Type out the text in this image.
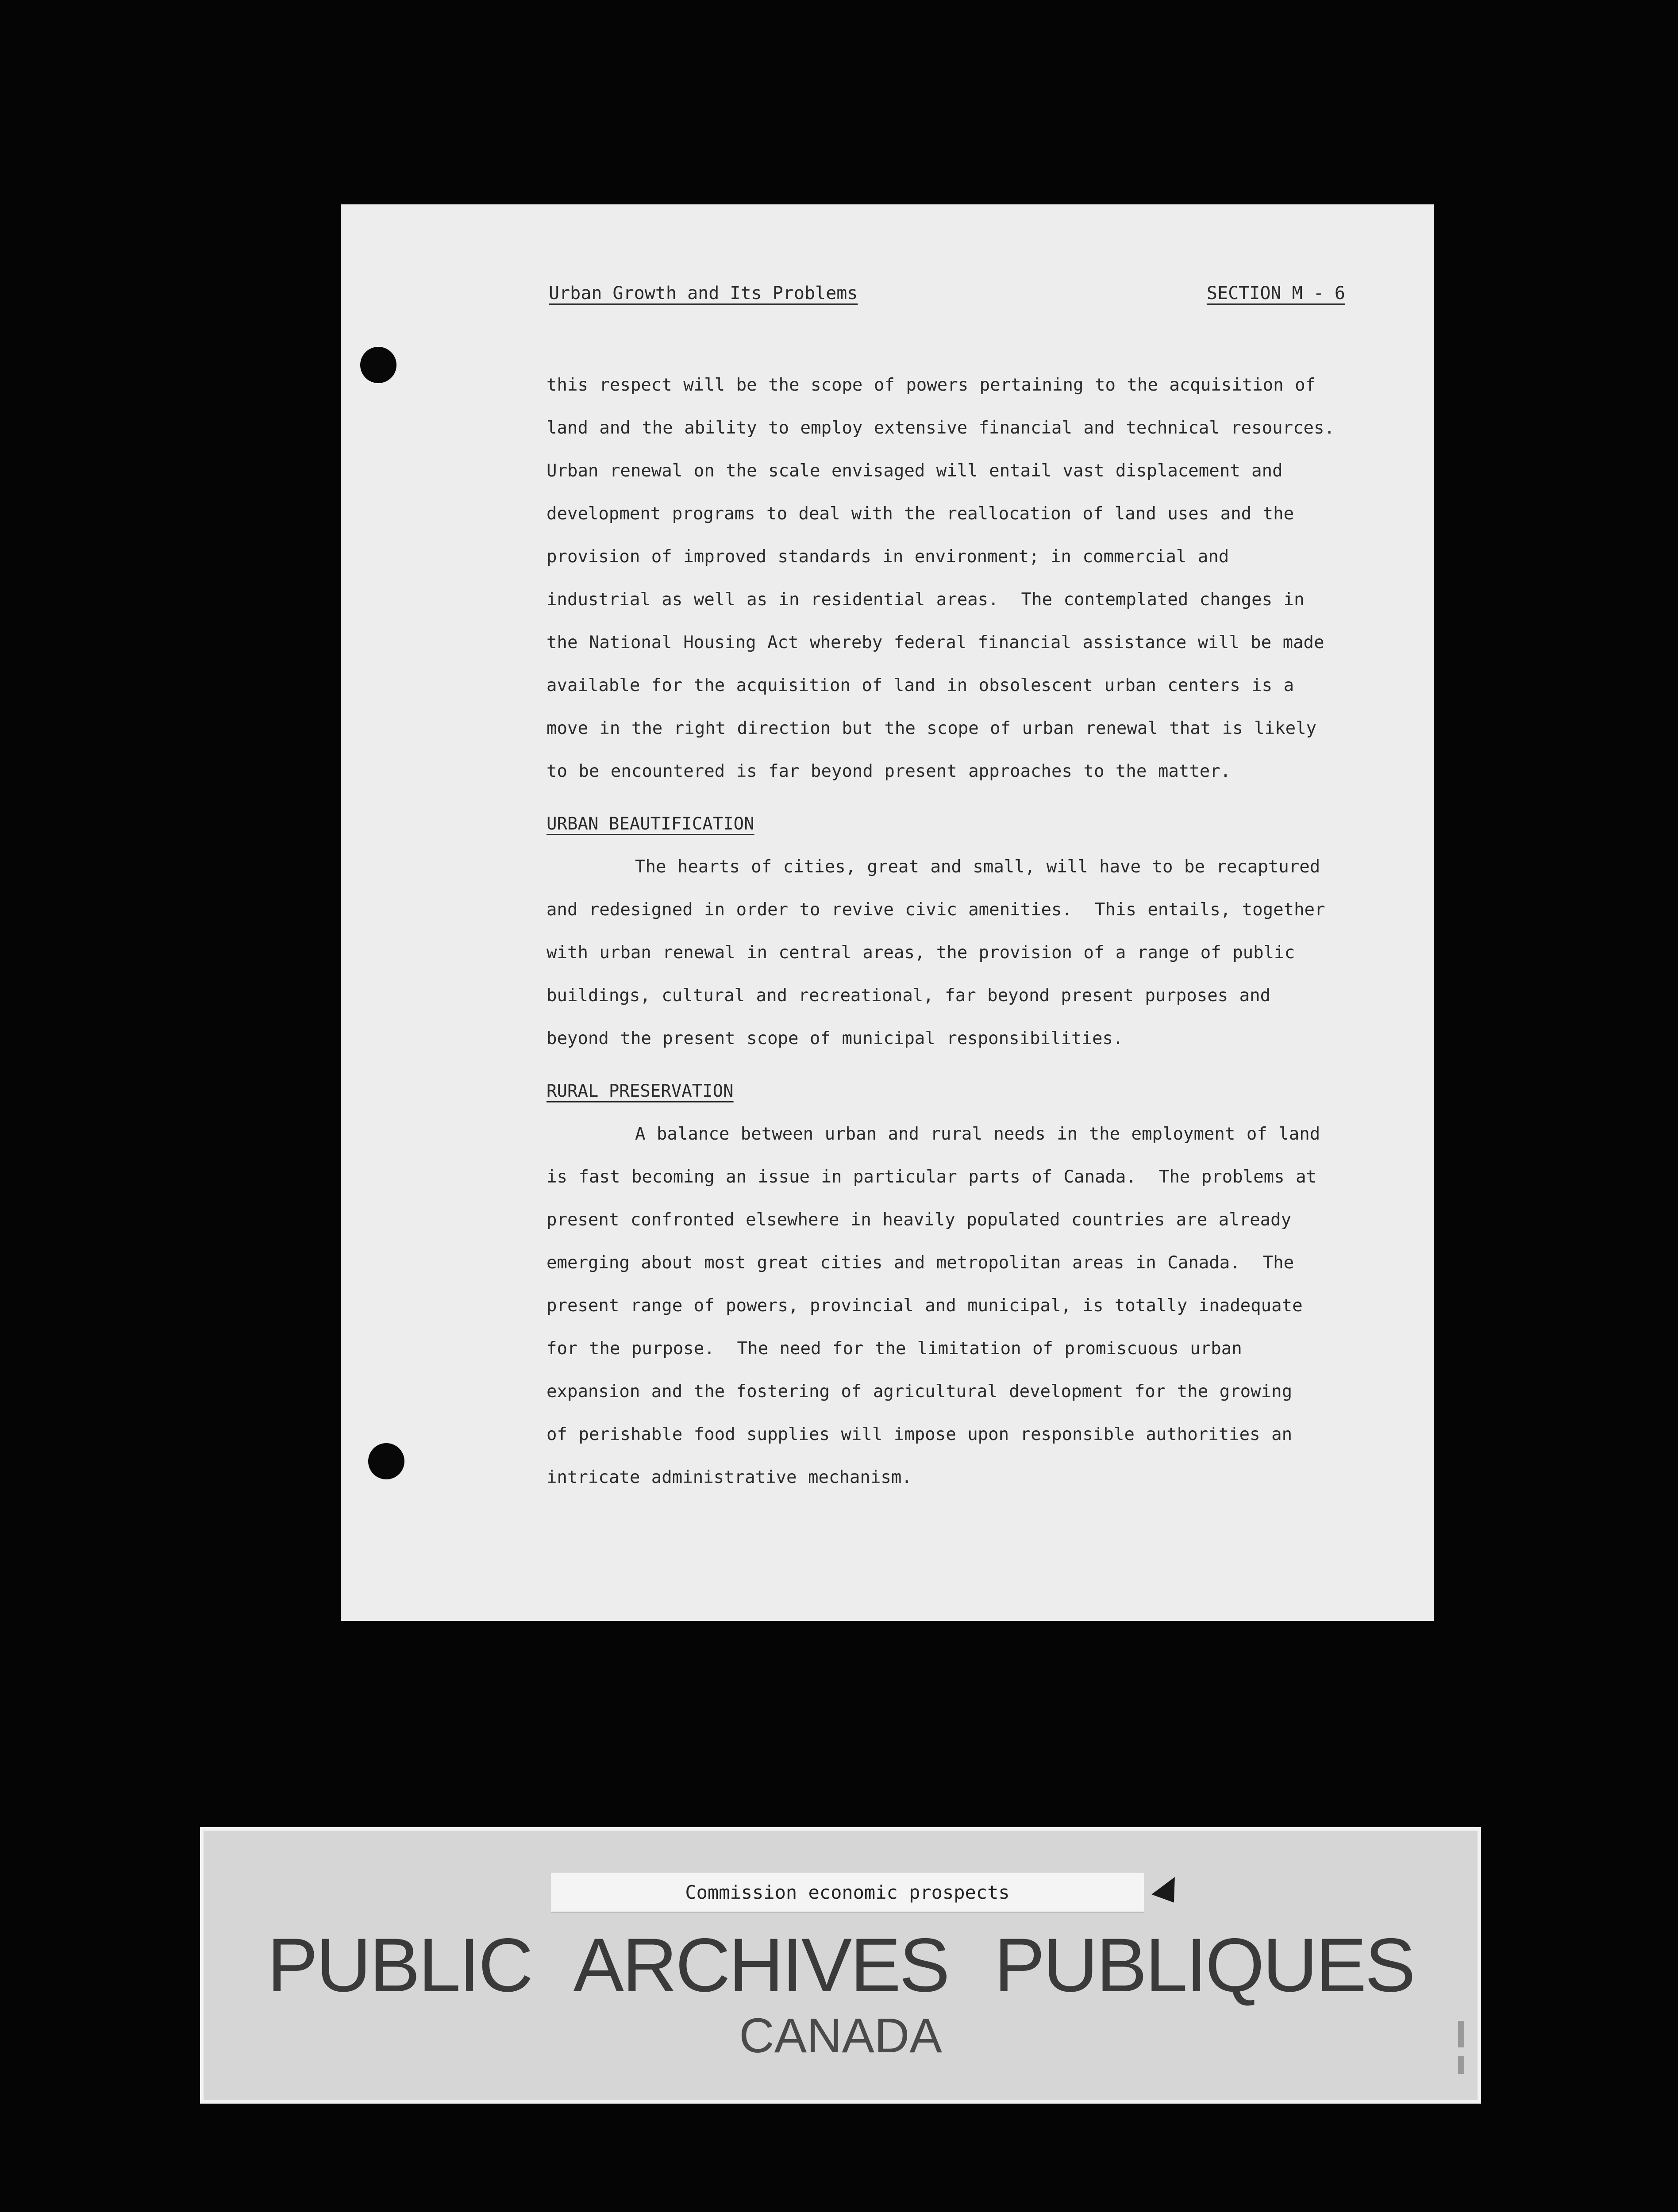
Urban Growth and Its Problems	SECTION M - 6

this respect will be the scope of powers pertaining to the acquisition of

land and the ability to employ extensive financial and technical resources.

Urban renewal on the scale envisaged will entail vast displacement and

development programs to deal with the reallocation of land uses and the

provision of improved standards in environment; in commercial and

industrial as well as in residential areas.  The contemplated changes in

the National Housing Act whereby federal financial assistance will be made

available for the acquisition of land in obsolescent urban centers is a

move in the right direction but the scope of urban renewal that is likely

to be encountered is far beyond present approaches to the matter.

URBAN BEAUTIFICATION

The hearts of cities, great and small, will have to be recaptured

and redesigned in order to revive civic amenities.  This entails, together

with urban renewal in central areas, the provision of a range of public

buildings, cultural and recreational, far beyond present purposes and

beyond the present scope of municipal responsibilities.

RURAL PRESERVATION

A balance between urban and rural needs in the employment of land

is fast becoming an issue in particular parts of Canada.  The problems at

present confronted elsewhere in heavily populated countries are already

emerging about most great cities and metropolitan areas in Canada.  The

present range of powers, provincial and municipal, is totally inadequate

for the purpose.  The need for the limitation of promiscuous urban

expansion and the fostering of agricultural development for the growing

of perishable food supplies will impose upon responsible authorities an

intricate administrative mechanism.

Commission economic prospects
PUBLIC ARCHIVES PUBLIQUES
CANADA
